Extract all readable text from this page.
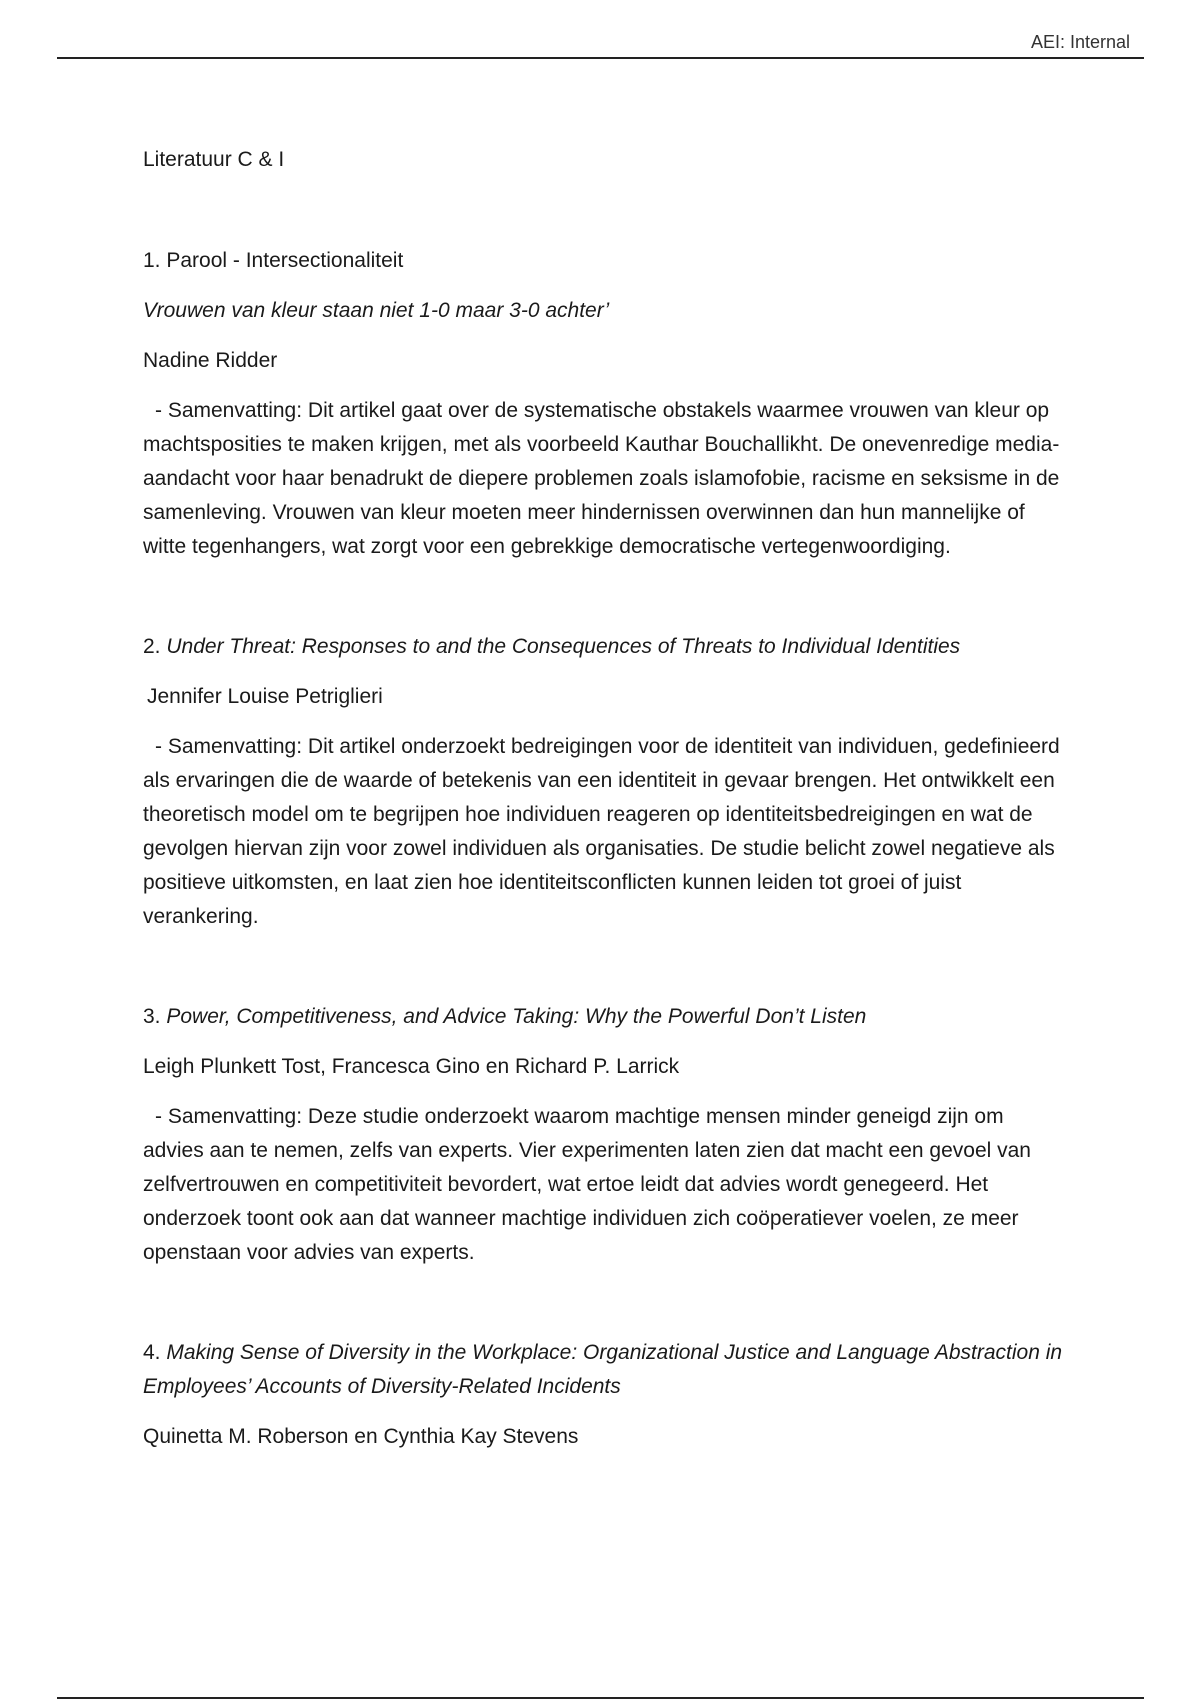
AEI: Internal
Literatuur C & I

1. Parool - Intersectionaliteit

Vrouwen van kleur staan niet 1-0 maar 3-0 achter’

Nadine Ridder

- Samenvatting: Dit artikel gaat over de systematische obstakels waarmee vrouwen van kleur op machtsposities te maken krijgen, met als voorbeeld Kauthar Bouchallikht. De onevenredige media-aandacht voor haar benadrukt de diepere problemen zoals islamofobie, racisme en seksisme in de samenleving. Vrouwen van kleur moeten meer hindernissen overwinnen dan hun mannelijke of witte tegenhangers, wat zorgt voor een gebrekkige democratische vertegenwoordiging.

2. Under Threat: Responses to and the Consequences of Threats to Individual Identities

Jennifer Louise Petriglieri

- Samenvatting: Dit artikel onderzoekt bedreigingen voor de identiteit van individuen, gedefinieerd als ervaringen die de waarde of betekenis van een identiteit in gevaar brengen. Het ontwikkelt een theoretisch model om te begrijpen hoe individuen reageren op identiteitsbedreigingen en wat de gevolgen hiervan zijn voor zowel individuen als organisaties. De studie belicht zowel negatieve als positieve uitkomsten, en laat zien hoe identiteitsconflicten kunnen leiden tot groei of juist verankering.

3. Power, Competitiveness, and Advice Taking: Why the Powerful Don’t Listen

Leigh Plunkett Tost, Francesca Gino en Richard P. Larrick

- Samenvatting: Deze studie onderzoekt waarom machtige mensen minder geneigd zijn om advies aan te nemen, zelfs van experts. Vier experimenten laten zien dat macht een gevoel van zelfvertrouwen en competitiviteit bevordert, wat ertoe leidt dat advies wordt genegeerd. Het onderzoek toont ook aan dat wanneer machtige individuen zich coöperatiever voelen, ze meer openstaan voor advies van experts.

4. Making Sense of Diversity in the Workplace: Organizational Justice and Language Abstraction in Employees’ Accounts of Diversity-Related Incidents

Quinetta M. Roberson en Cynthia Kay Stevens
